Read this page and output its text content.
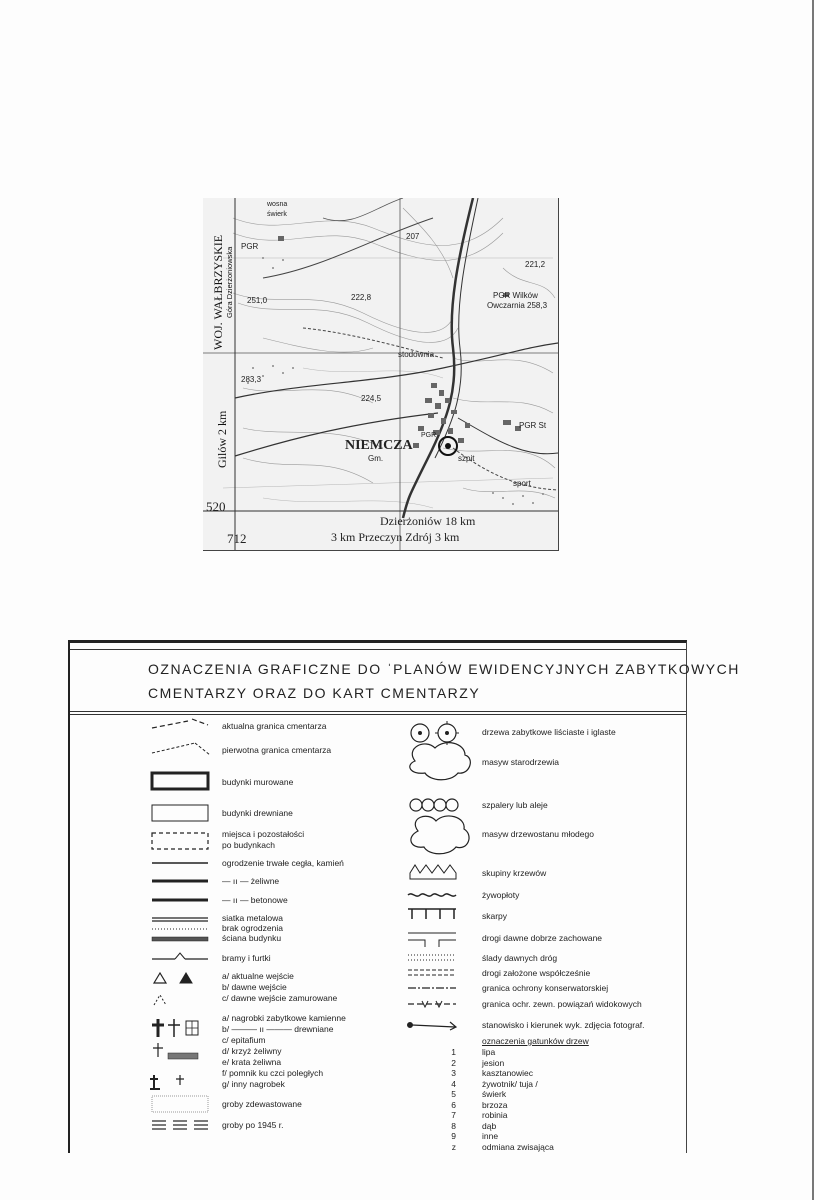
WOJ. WAŁBRZYSKIE Góra Dzierżoniowska
Gilów 2 km	NIEMCZA
Gm.
520
712
Dzierżoniów 18 km
3 km Przeczyn Zdrój 3 km
PGR
PGR Wilków
Owczarnia 258,3
PGR St
PGR
207
221,2
251,0	222,8
283,3
224,5
stodownia
sport
szpit
wosna
świerk
OZNACZENIA GRAFICZNE DO ˈPLANÓW EWIDENCYJNYCH ZABYTKOWYCH
CMENTARZY ORAZ DO KART CMENTARZY
aktualna granica cmentarza
pierwotna granica cmentarza
budynki murowane
budynki drewniane
miejsca i pozostałości
po budynkach
ogrodzenie trwałe cegła, kamień
— ıı — żeliwne
— ıı — betonowe
siatka metalowa
brak ogrodzenia
ściana budynku
bramy i furtki
a/ aktualne wejście
b/ dawne wejście
c/ dawne wejście zamurowane
a/ nagrobki zabytkowe kamienne
b/ ——— ıı ——— drewniane
c/ epitafium
d/ krzyż żeliwny
e/ krata żeliwna
f/ pomnik ku czci poległych
g/ inny nagrobek
groby zdewastowane
groby po 1945 r.
drzewa zabytkowe liściaste i iglaste
masyw starodrzewia
szpalery lub aleje
masyw drzewostanu młodego
skupiny krzewów
żywopłoty
skarpy
drogi dawne dobrze zachowane
ślady dawnych dróg
drogi założone współcześnie
granica ochrony konserwatorskiej
granica ochr. zewn. powiązań widokowych
stanowisko i kierunek wyk. zdjęcia fotograf.
oznaczenia gatunków drzew
1	lipa
2	jesion
3	kasztanowiec
4	żywotnik/ tuja /
5	świerk
6	brzoza
7	robinia
8	dąb
9	inne
z	odmiana zwisająca
